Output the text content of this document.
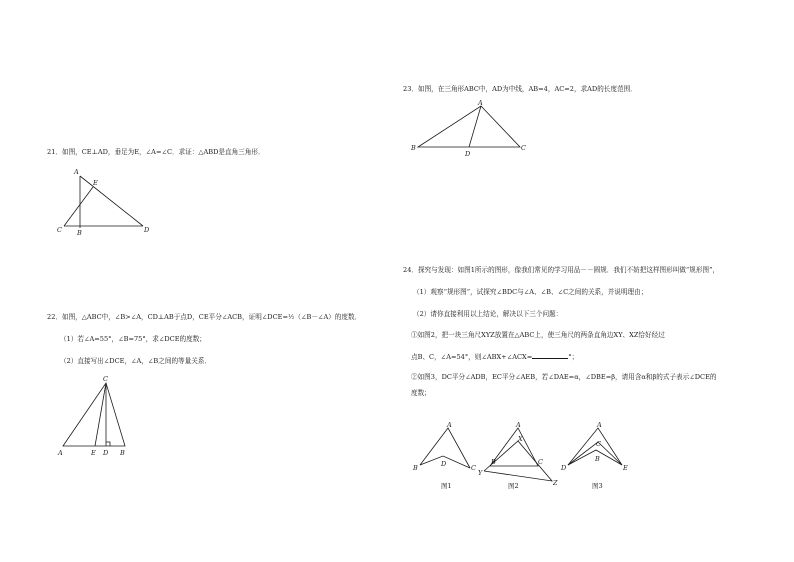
21．如图，CE⊥AD，垂足为E，∠A=∠C．求证：△ABD是直角三角形．
A
E
C B	D
22．如图，△ABC中，∠B>∠A，CD⊥AB于点D，CE平分∠ACB，证明∠DCE=½（∠B－∠A）的度数．
（1）若∠A=55°，∠B=75°，求∠DCE的度数；
（2）直接写出∠DCE，∠A，∠B之间的等量关系．
C
A	E D B
23．如图，在三角形ABC中，AD为中线，AB=4，AC=2，求AD的长度范围．
A
B
D
C
24．探究与发现：如图1所示的图形，像我们常见的学习用品－－圆规．我们不妨把这样图形叫做“规形图”，
（1）观察“规形图”，试探究∠BDC与∠A、∠B、∠C之间的关系，并说明理由；
（2）请你直接利用以上结论，解决以下三个问题：
①如图2，把一块三角尺XYZ放置在△ABC上，使三角尺的两条直角边XY、XZ恰好经过
点B、C，∠A=54°，则∠ABX+∠ACX=	°；
②如图3，DC平分∠ADB，EC平分∠AEB，若∠DAE=α，∠DBE=β，请用含α和β的式子表示∠DCE的
度数；
A
B	D	C
图1
A
X
B	C
Y
Z
图2
A
C
D
B
E
图3
